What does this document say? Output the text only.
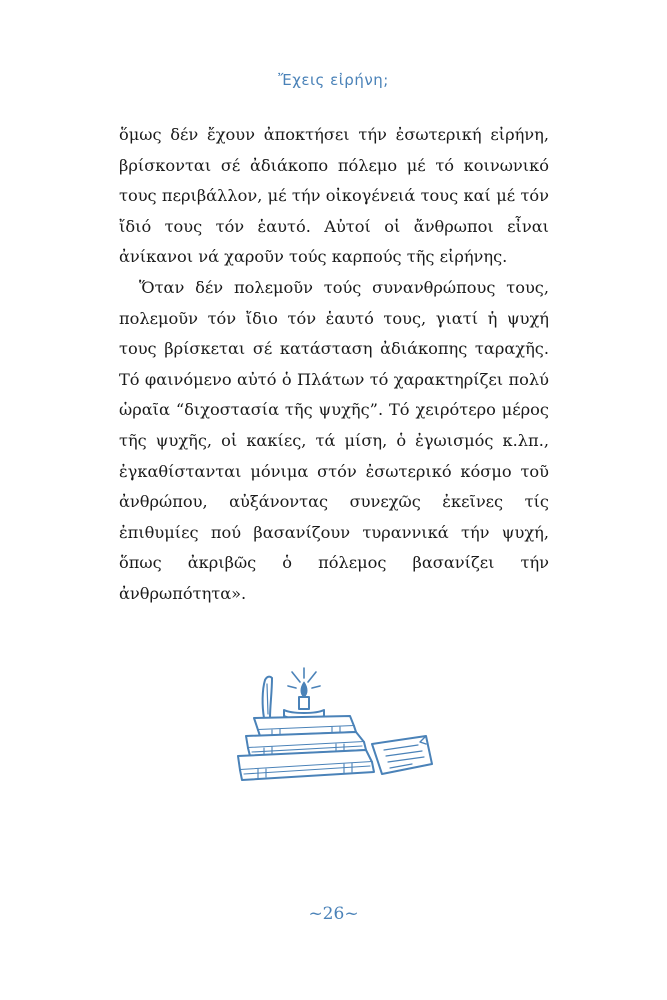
Ἔχεις εἰρήνη;

ὅμως δέν ἔχουν ἀποκτήσει τήν ἐσωτερική εἰρήνη, βρίσκονται σέ ἀδιάκοπο πόλεμο μέ τό κοινωνικό τους περιβάλλον, μέ τήν οἰκογένειά τους καί μέ τόν ἴδιό τους τόν ἑαυτό. Αὐτοί οἱ ἄνθρωποι εἶναι ἀνίκανοι νά χαροῦν τούς καρπούς τῆς εἰρήνης.

Ὅταν δέν πολεμοῦν τούς συνανθρώπους τους, πολεμοῦν τόν ἴδιο τόν ἑαυτό τους, γιατί ἡ ψυχή τους βρίσκεται σέ κατάσταση ἀδιάκοπης ταραχῆς. Τό φαινόμενο αὐτό ὁ Πλάτων τό χαρακτηρίζει πολύ ὡραῖα “διχοστασία τῆς ψυχῆς”. Τό χειρότερο μέρος τῆς ψυχῆς, οἱ κακίες, τά μίση, ὁ ἐγωισμός κ.λπ., ἐγκαθίστανται μόνιμα στόν ἐσωτερικό κόσμο τοῦ ἀνθρώπου, αὐξάνοντας συνεχῶς ἐκεῖνες τίς ἐπιθυμίες πού βασανίζουν τυραννικά τήν ψυχή, ὅπως ἀκριβῶς ὁ πόλεμος βασανίζει τήν ἀνθρωπότητα».

~26~
